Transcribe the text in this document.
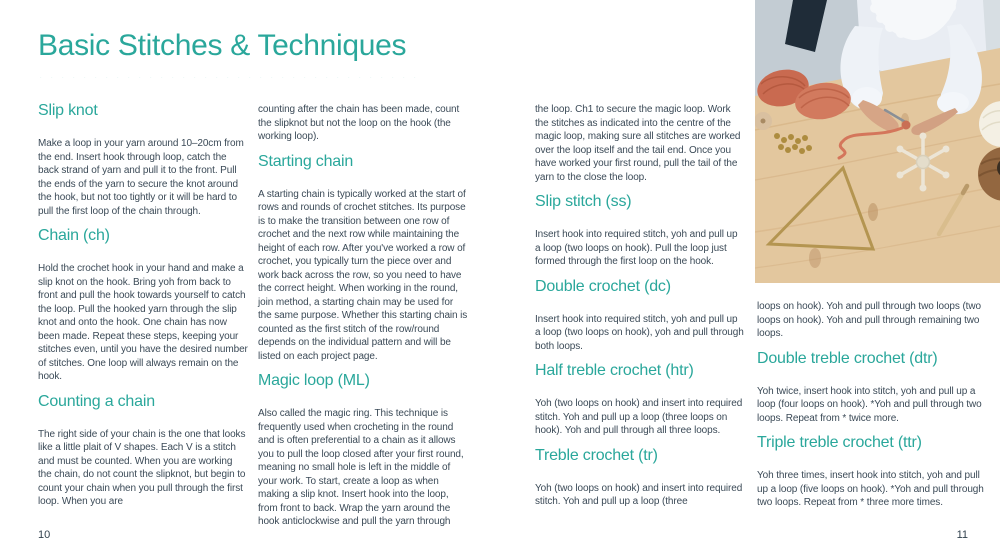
Basic Stitches & Techniques
Slip knot

Make a loop in your yarn around 10–20cm from the end. Insert hook through loop, catch the back strand of yarn and pull it to the front. Pull the ends of the yarn to secure the knot around the hook, but not too tightly or it will be hard to pull the first loop of the chain through.

Chain (ch)

Hold the crochet hook in your hand and make a slip knot on the hook. Bring yoh from back to front and pull the hook towards yourself to catch the loop. Pull the hooked yarn through the slip knot and onto the hook. One chain has now been made. Repeat these steps, keeping your stitches even, until you have the desired number of stitches. One loop will always remain on the hook.

Counting a chain

The right side of your chain is the one that looks like a little plait of V shapes. Each V is a stitch and must be counted. When you are working the chain, do not count the slipknot, but begin to count your chain when you pull through the first loop. When you are

counting after the chain has been made, count the slipknot but not the loop on the hook (the working loop).

Starting chain

A starting chain is typically worked at the start of rows and rounds of crochet stitches. Its purpose is to make the transition between one row of crochet and the next row while maintaining the height of each row. After you've worked a row of crochet, you typically turn the piece over and work back across the row, so you need to have the correct height. When working in the round, join method, a starting chain may be used for the same purpose. Whether this starting chain is counted as the first stitch of the row/round depends on the individual pattern and will be listed on each project page.

Magic loop (ML)

Also called the magic ring. This technique is frequently used when crocheting in the round and is often preferential to a chain as it allows you to pull the loop closed after your first round, meaning no small hole is left in the middle of your work. To start, create a loop as when making a slip knot. Insert hook into the loop, from front to back. Wrap the yarn around the hook anticlockwise and pull the yarn through

the loop. Ch1 to secure the magic loop. Work the stitches as indicated into the centre of the magic loop, making sure all stitches are worked over the loop itself and the tail end. Once you have worked your first round, pull the tail of the yarn to the close the loop.

Slip stitch (ss)

Insert hook into required stitch, yoh and pull up a loop (two loops on hook). Pull the loop just formed through the first loop on the hook.

Double crochet (dc)

Insert hook into required stitch, yoh and pull up a loop (two loops on hook), yoh and pull through both loops.

Half treble crochet (htr)

Yoh (two loops on hook) and insert into required stitch. Yoh and pull up a loop (three loops on hook). Yoh and pull through all three loops.

Treble crochet (tr)

Yoh (two loops on hook) and insert into required stitch. Yoh and pull up a loop (three

loops on hook). Yoh and pull through two loops (two loops on hook). Yoh and pull through remaining two loops.

Double treble crochet (dtr)

Yoh twice, insert hook into stitch, yoh and pull up a loop (four loops on hook). *Yoh and pull through two loops. Repeat from * twice more.

Triple treble crochet (ttr)

Yoh three times, insert hook into stitch, yoh and pull up a loop (five loops on hook). *Yoh and pull through two loops. Repeat from * three more times.

10	11
